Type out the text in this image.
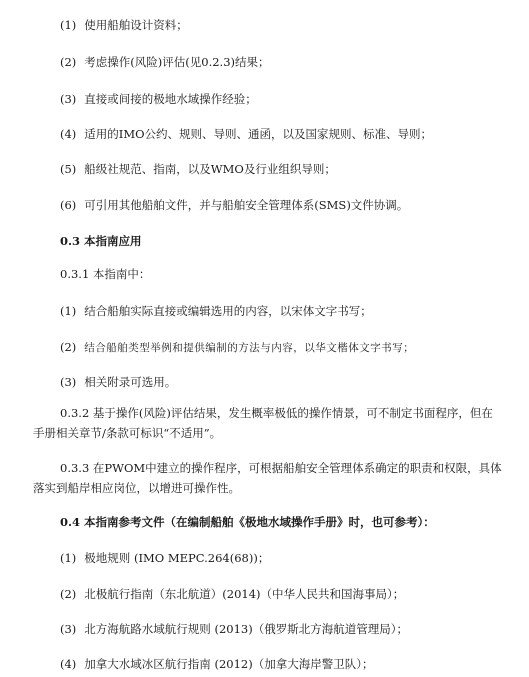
(1) 使用船舶设计资料；
(2) 考虑操作(风险)评估(见0.2.3)结果；
(3) 直接或间接的极地水域操作经验；
(4) 适用的IMO公约、规则、导则、通函，以及国家规则、标准、导则；
(5) 船级社规范、指南，以及WMO及行业组织导则；
(6) 可引用其他船舶文件，并与船舶安全管理体系(SMS)文件协调。
0.3 本指南应用
0.3.1 本指南中：
(1) 结合船舶实际直接或编辑选用的内容，以宋体文字书写；
(2) 结合船舶类型举例和提供编制的方法与内容，以华文楷体文字书写；
(3) 相关附录可选用。
0.3.2 基于操作(风险)评估结果，发生概率极低的操作情景，可不制定书面程序，但在
手册相关章节/条款可标识“不适用”。
0.3.3 在PWOM中建立的操作程序，可根据船舶安全管理体系确定的职责和权限，具体
落实到船岸相应岗位，以增进可操作性。
0.4 本指南参考文件（在编制船舶《极地水域操作手册》时，也可参考）：
(1) 极地规则 (IMO MEPC.264(68))；
(2) 北极航行指南（东北航道）(2014)（中华人民共和国海事局）；
(3) 北方海航路水域航行规则 (2013)（俄罗斯北方海航道管理局）；
(4) 加拿大水域冰区航行指南 (2012)（加拿大海岸警卫队）；
